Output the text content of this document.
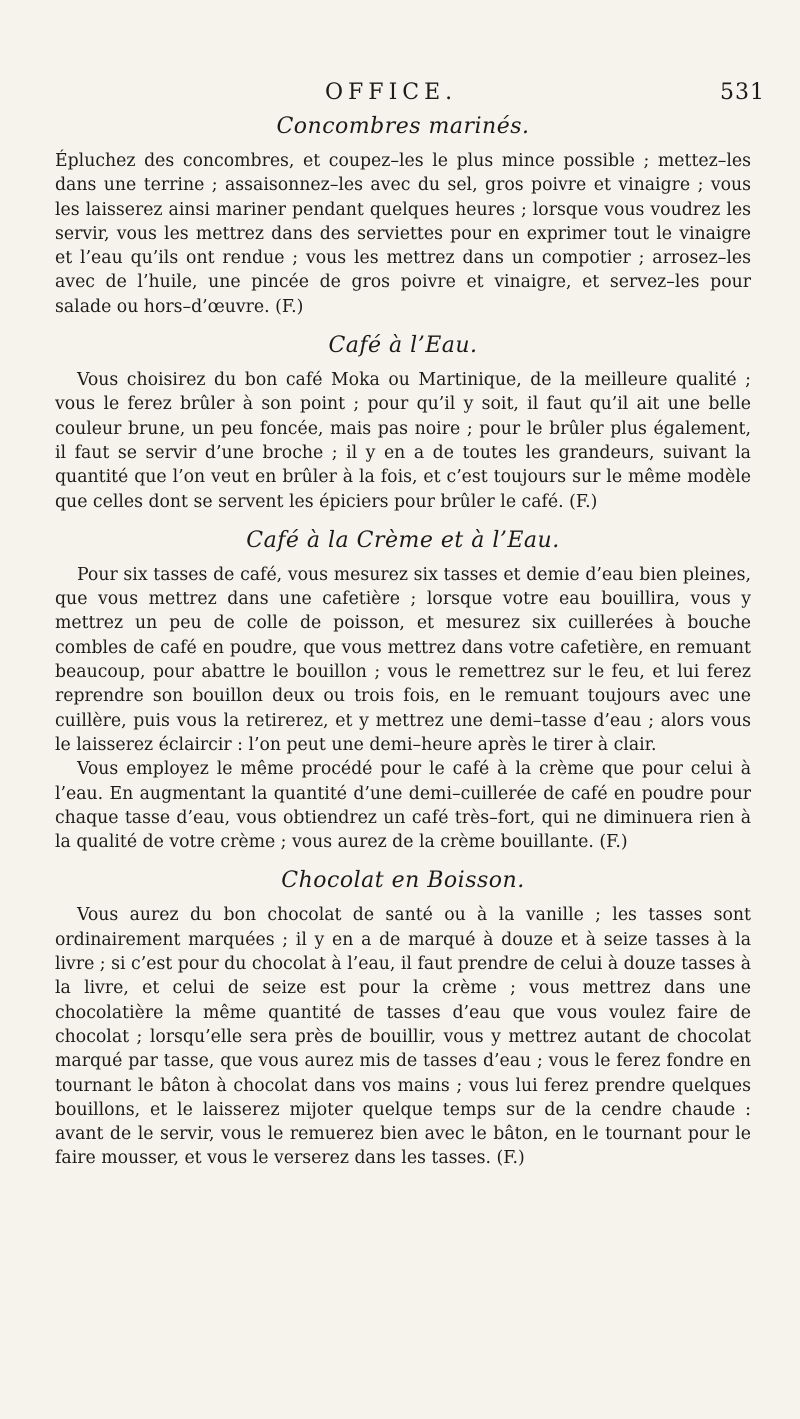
OFFICE.	531
Concombres marinés.

Épluchez des concombres, et coupez–les le plus mince possible ; mettez–les dans une terrine ; assaisonnez–les avec du sel, gros poivre et vinaigre ; vous les laisserez ainsi mariner pendant quelques heures ; lorsque vous voudrez les servir, vous les mettrez dans des serviettes pour en exprimer tout le vinaigre et l’eau qu’ils ont rendue ; vous les mettrez dans un compotier ; arrosez–les avec de l’huile, une pincée de gros poivre et vinaigre, et servez–les pour salade ou hors–d’œuvre. (F.)

Café à l’Eau.

Vous choisirez du bon café Moka ou Martinique, de la meilleure qualité ; vous le ferez brûler à son point ; pour qu’il y soit, il faut qu’il ait une belle couleur brune, un peu foncée, mais pas noire ; pour le brûler plus également, il faut se servir d’une broche ; il y en a de toutes les grandeurs, suivant la quantité que l’on veut en brûler à la fois, et c’est toujours sur le même modèle que celles dont se servent les épiciers pour brûler le café. (F.)

Café à la Crème et à l’Eau.

Pour six tasses de café, vous mesurez six tasses et demie d’eau bien pleines, que vous mettrez dans une cafetière ; lorsque votre eau bouillira, vous y mettrez un peu de colle de poisson, et mesurez six cuillerées à bouche combles de café en poudre, que vous mettrez dans votre cafetière, en remuant beaucoup, pour abattre le bouillon ; vous le remettrez sur le feu, et lui ferez reprendre son bouillon deux ou trois fois, en le remuant toujours avec une cuillère, puis vous la retirerez, et y mettrez une demi–tasse d’eau ; alors vous le laisserez éclaircir : l’on peut une demi–heure après le tirer à clair.

Vous employez le même procédé pour le café à la crème que pour celui à l’eau. En augmentant la quantité d’une demi–cuillerée de café en poudre pour chaque tasse d’eau, vous obtiendrez un café très–fort, qui ne diminuera rien à la qualité de votre crème ; vous aurez de la crème bouillante. (F.)

Chocolat en Boisson.

Vous aurez du bon chocolat de santé ou à la vanille ; les tasses sont ordinairement marquées ; il y en a de marqué à douze et à seize tasses à la livre ; si c’est pour du chocolat à l’eau, il faut prendre de celui à douze tasses à la livre, et celui de seize est pour la crème ; vous mettrez dans une chocolatière la même quantité de tasses d’eau que vous voulez faire de chocolat ; lorsqu’elle sera près de bouillir, vous y mettrez autant de chocolat marqué par tasse, que vous aurez mis de tasses d’eau ; vous le ferez fondre en tournant le bâton à chocolat dans vos mains ; vous lui ferez prendre quelques bouillons, et le laisserez mijoter quelque temps sur de la cendre chaude : avant de le servir, vous le remuerez bien avec le bâton, en le tournant pour le faire mousser, et vous le verserez dans les tasses. (F.)
